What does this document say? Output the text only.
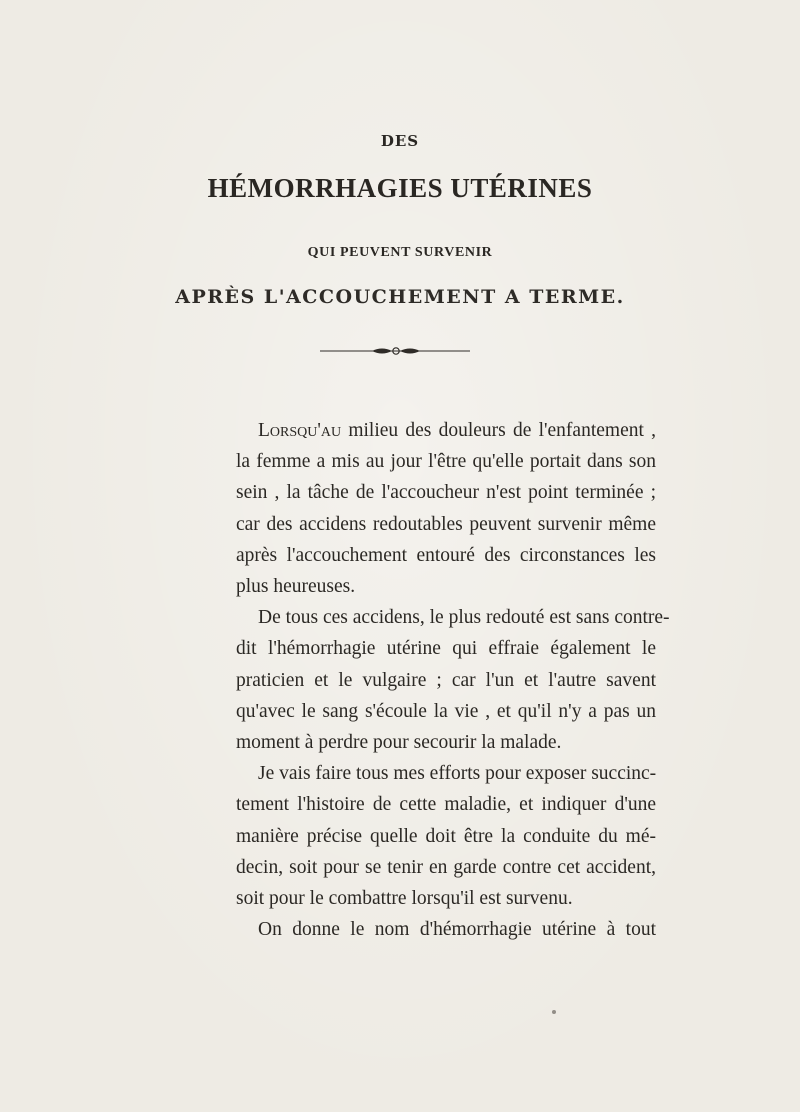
DES
HÉMORRHAGIES UTÉRINES
QUI PEUVENT SURVENIR
APRÈS L'ACCOUCHEMENT A TERME.
Lorsqu'au milieu des douleurs de l'enfantement ,
la femme a mis au jour l'être qu'elle portait dans son
sein , la tâche de l'accoucheur n'est point terminée ;
car des accidens redoutables peuvent survenir même
après l'accouchement entouré des circonstances les
plus heureuses.
De tous ces accidens, le plus redouté est sans contre-
dit l'hémorrhagie utérine qui effraie également le
praticien et le vulgaire ; car l'un et l'autre savent
qu'avec le sang s'écoule la vie , et qu'il n'y a pas un
moment à perdre pour secourir la malade.
Je vais faire tous mes efforts pour exposer succinc-
tement l'histoire de cette maladie, et indiquer d'une
manière précise quelle doit être la conduite du mé-
decin, soit pour se tenir en garde contre cet accident,
soit pour le combattre lorsqu'il est survenu.
On donne le nom d'hémorrhagie utérine à tout
